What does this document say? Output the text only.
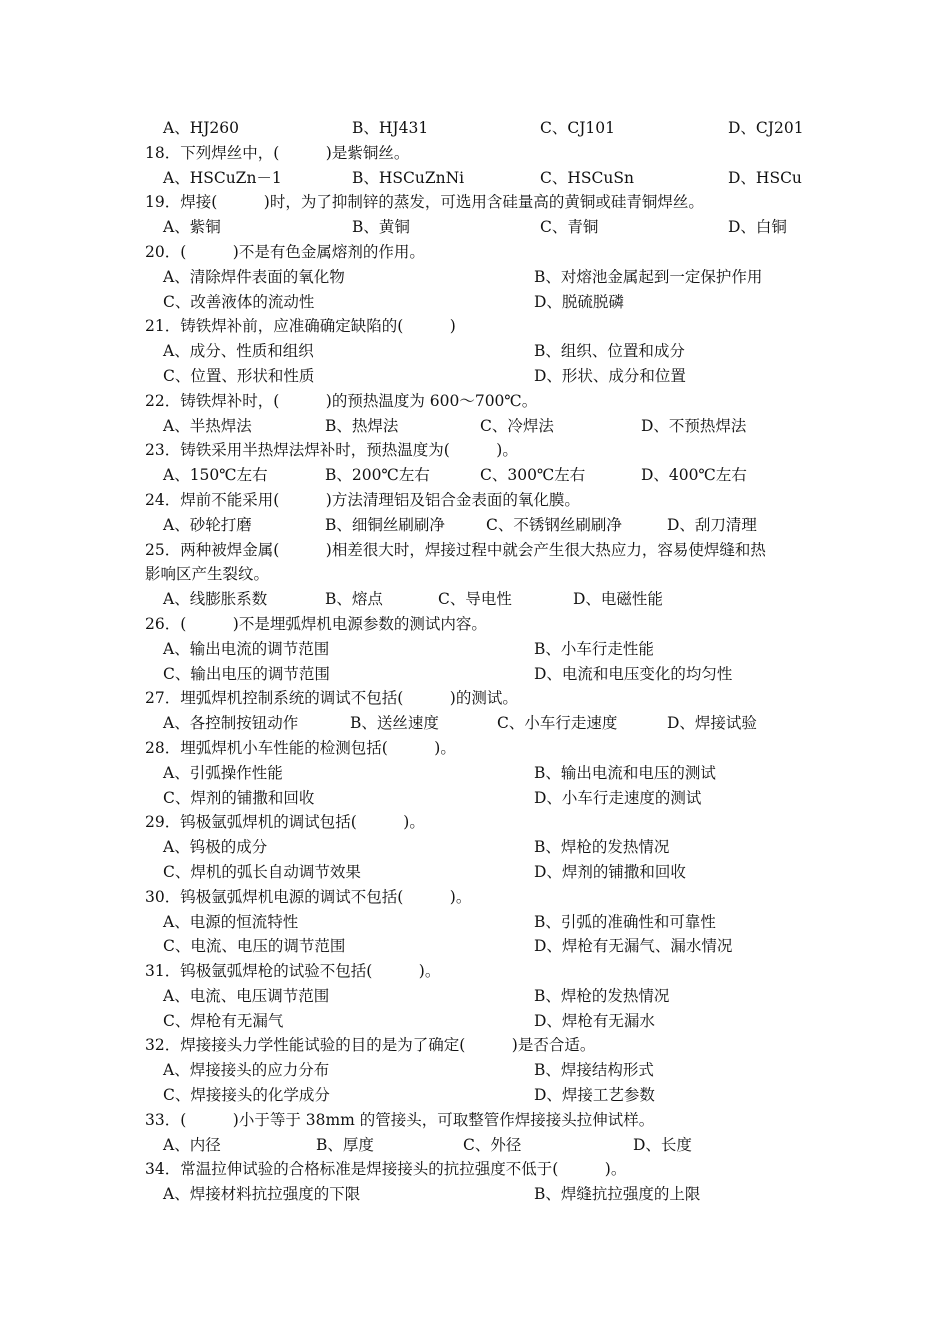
A、HJ260	B、HJ431	C、CJ101	D、CJ201
18．下列焊丝中，(　　　)是紫铜丝。
A、HSCuZn－1	B、HSCuZnNi	C、HSCuSn	D、HSCu
19．焊接(　　　)时，为了抑制锌的蒸发，可选用含硅量高的黄铜或硅青铜焊丝。
A、紫铜	B、黄铜	C、青铜	D、白铜
20．(　　　)不是有色金属熔剂的作用。
A、清除焊件表面的氧化物	B、对熔池金属起到一定保护作用
C、改善液体的流动性	D、脱硫脱磷
21．铸铁焊补前，应准确确定缺陷的(　　　)
A、成分、性质和组织	B、组织、位置和成分
C、位置、形状和性质	D、形状、成分和位置
22．铸铁焊补时，(　　　)的预热温度为 600～700℃。
A、半热焊法	B、热焊法	C、冷焊法	D、不预热焊法
23．铸铁采用半热焊法焊补时，预热温度为(　　　)。
A、150℃左右	B、200℃左右	C、300℃左右	D、400℃左右
24．焊前不能采用(　　　)方法清理铝及铝合金表面的氧化膜。
A、砂轮打磨	B、细铜丝刷刷净	C、不锈钢丝刷刷净	D、刮刀清理
25．两种被焊金属(　　　)相差很大时，焊接过程中就会产生很大热应力，容易使焊缝和热
影响区产生裂纹。
A、线膨胀系数	B、熔点	C、导电性	D、电磁性能
26．(　　　)不是埋弧焊机电源参数的测试内容。
A、输出电流的调节范围	B、小车行走性能
C、输出电压的调节范围	D、电流和电压变化的均匀性
27．埋弧焊机控制系统的调试不包括(　　　)的测试。
A、各控制按钮动作	B、送丝速度	C、小车行走速度	D、焊接试验
28．埋弧焊机小车性能的检测包括(　　　)。
A、引弧操作性能	B、输出电流和电压的测试
C、焊剂的铺撒和回收	D、小车行走速度的测试
29．钨极氩弧焊机的调试包括(　　　)。
A、钨极的成分	B、焊枪的发热情况
C、焊机的弧长自动调节效果	D、焊剂的铺撒和回收
30．钨极氩弧焊机电源的调试不包括(　　　)。
A、电源的恒流特性	B、引弧的准确性和可靠性
C、电流、电压的调节范围	D、焊枪有无漏气、漏水情况
31．钨极氩弧焊枪的试验不包括(　　　)。
A、电流、电压调节范围	B、焊枪的发热情况
C、焊枪有无漏气	D、焊枪有无漏水
32．焊接接头力学性能试验的目的是为了确定(　　　)是否合适。
A、焊接接头的应力分布	B、焊接结构形式
C、焊接接头的化学成分	D、焊接工艺参数
33．(　　　)小于等于 38mm 的管接头，可取整管作焊接接头拉伸试样。
A、内径	B、厚度	C、外径	D、长度
34．常温拉伸试验的合格标准是焊接接头的抗拉强度不低于(　　　)。
A、焊接材料抗拉强度的下限	B、焊缝抗拉强度的上限
